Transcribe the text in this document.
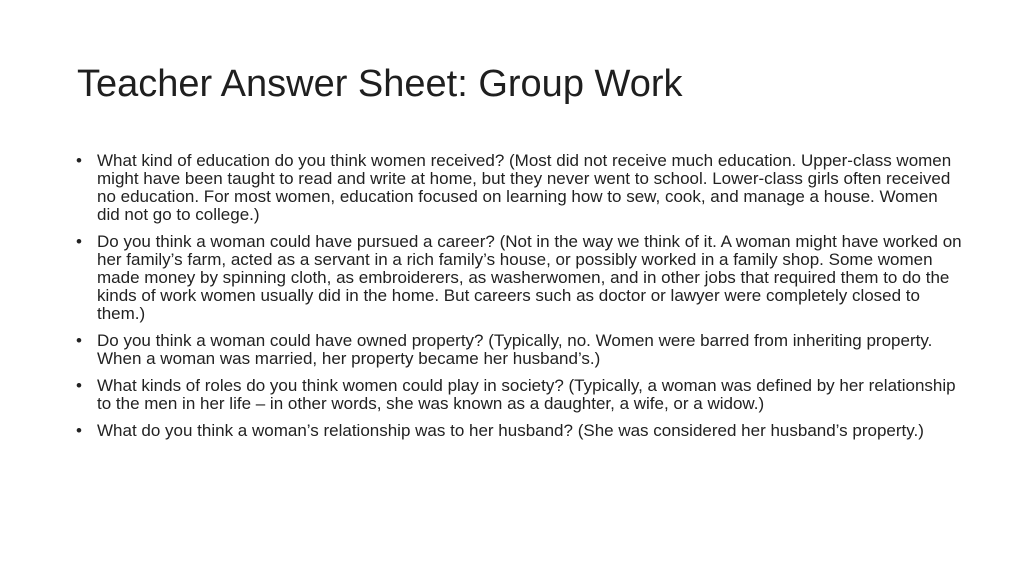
Teacher Answer Sheet: Group Work
• What kind of education do you think women received? (Most did not receive much education. Upper-class women might have been taught to read and write at home, but they never went to school. Lower-class girls often received no education. For most women, education focused on learning how to sew, cook, and manage a house. Women did not go to college.)
• Do you think a woman could have pursued a career? (Not in the way we think of it. A woman might have worked on her family’s farm, acted as a servant in a rich family’s house, or possibly worked in a family shop. Some women made money by spinning cloth, as embroiderers, as washerwomen, and in other jobs that required them to do the kinds of work women usually did in the home. But careers such as doctor or lawyer were completely closed to them.)
• Do you think a woman could have owned property? (Typically, no. Women were barred from inheriting property. When a woman was married, her property became her husband’s.)
• What kinds of roles do you think women could play in society? (Typically, a woman was defined by her relationship to the men in her life – in other words, she was known as a daughter, a wife, or a widow.)
• What do you think a woman’s relationship was to her husband? (She was considered her husband’s property.)
